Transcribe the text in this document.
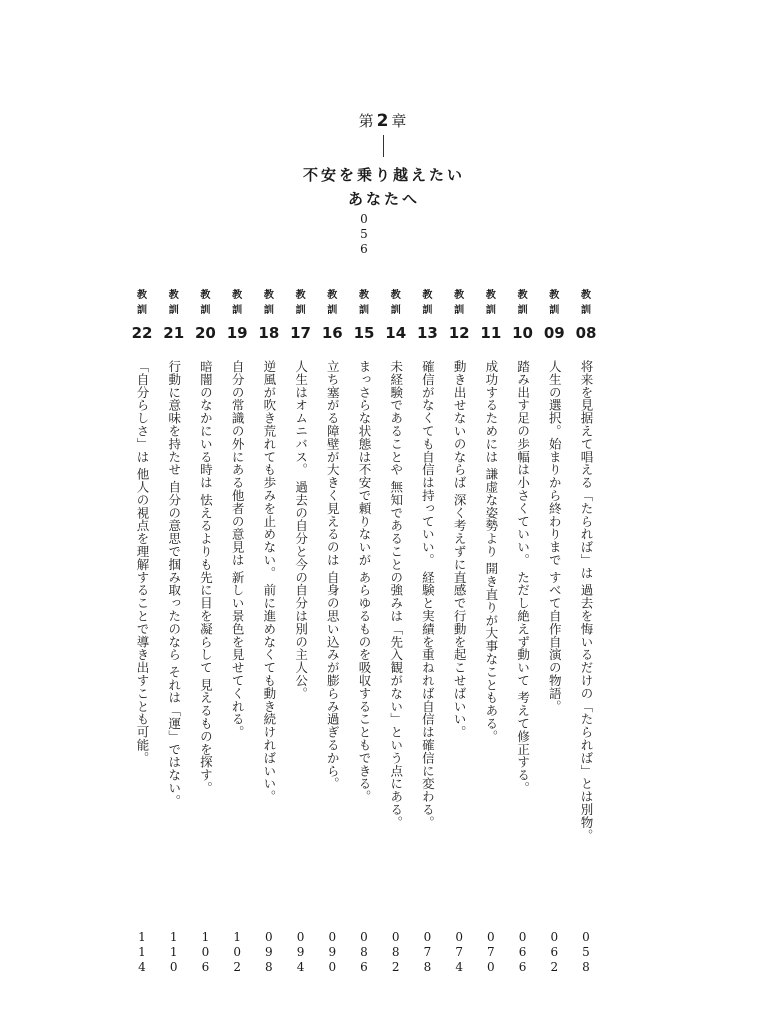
第2章
不安を乗り越えたい
あなたへ
0
5
6
教
訓
08
将来を見据えて唱える「たられば」は 過去を悔いるだけの「たられば」とは別物。
0
5
8
教
訓
09
人生の選択。始まりから終わりまで すべて自作自演の物語。
0
6
2
教
訓
10
踏み出す足の歩幅は小さくていい。 ただし絶えず動いて 考えて修正する。
0
6
6
教
訓
11
成功するためには 謙虚な姿勢より 開き直りが大事なこともある。
0
7
0
教
訓
12
動き出せないのならば 深く考えずに直感で行動を起こせばいい。
0
7
4
教
訓
13
確信がなくても自信は持っていい。 経験と実績を重ねれば自信は確信に変わる。
0
7
8
教
訓
14
未経験であることや 無知であることの強みは「先入観がない」という点にある。
0
8
2
教
訓
15
まっさらな状態は不安で頼りないが あらゆるものを吸収することもできる。
0
8
6
教
訓
16
立ち塞がる障壁が大きく見えるのは 自身の思い込みが膨らみ過ぎるから。
0
9
0
教
訓
17
人生はオムニバス。 過去の自分と今の自分は別の主人公。
0
9
4
教
訓
18
逆風が吹き荒れても歩みを止めない。 前に進めなくても動き続ければいい。
0
9
8
教
訓
19
自分の常識の外にある他者の意見は 新しい景色を見せてくれる。
1
0
2
教
訓
20
暗闇のなかにいる時は 怯えるよりも先に目を凝らして 見えるものを探す。
1
0
6
教
訓
21
行動に意味を持たせ 自分の意思で掴み取ったのなら それは「運」ではない。
1
1
0
教
訓
22
「自分らしさ」は 他人の視点を理解することで導き出すことも可能。
1
1
4
